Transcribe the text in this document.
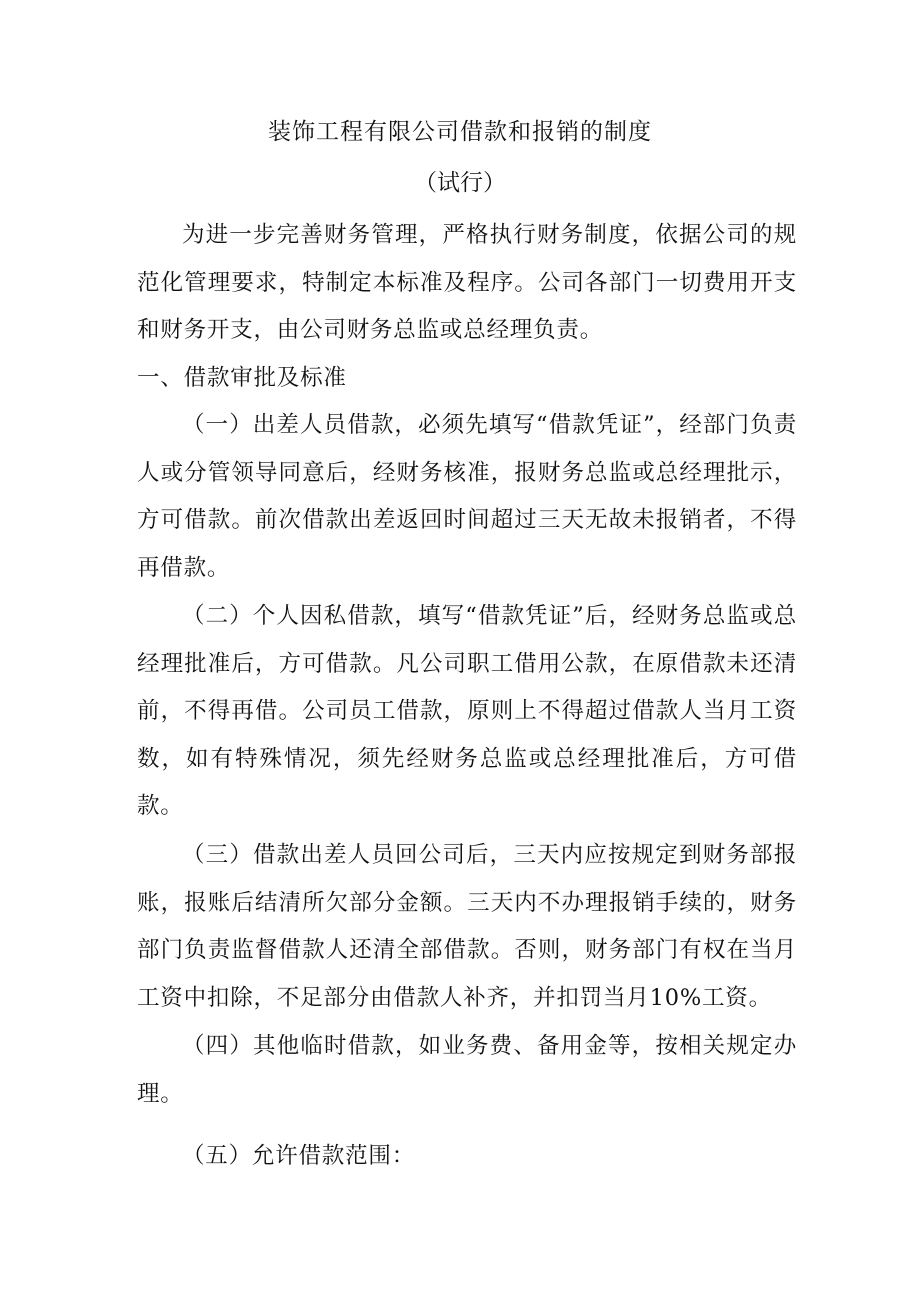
装饰工程有限公司借款和报销的制度
（试行）

为进一步完善财务管理，严格执行财务制度，依据公司的规范化管理要求，特制定本标准及程序。公司各部门一切费用开支和财务开支，由公司财务总监或总经理负责。

一、借款审批及标准

（一）出差人员借款，必须先填写“借款凭证”，经部门负责人或分管领导同意后，经财务核准，报财务总监或总经理批示，方可借款。前次借款出差返回时间超过三天无故未报销者，不得再借款。

（二）个人因私借款，填写“借款凭证”后，经财务总监或总经理批准后，方可借款。凡公司职工借用公款，在原借款未还清前，不得再借。公司员工借款，原则上不得超过借款人当月工资数，如有特殊情况，须先经财务总监或总经理批准后，方可借款。

（三）借款出差人员回公司后，三天内应按规定到财务部报账，报账后结清所欠部分金额。三天内不办理报销手续的，财务部门负责监督借款人还清全部借款。否则，财务部门有权在当月工资中扣除，不足部分由借款人补齐，并扣罚当月10%工资。

（四）其他临时借款，如业务费、备用金等，按相关规定办理。

（五）允许借款范围：
